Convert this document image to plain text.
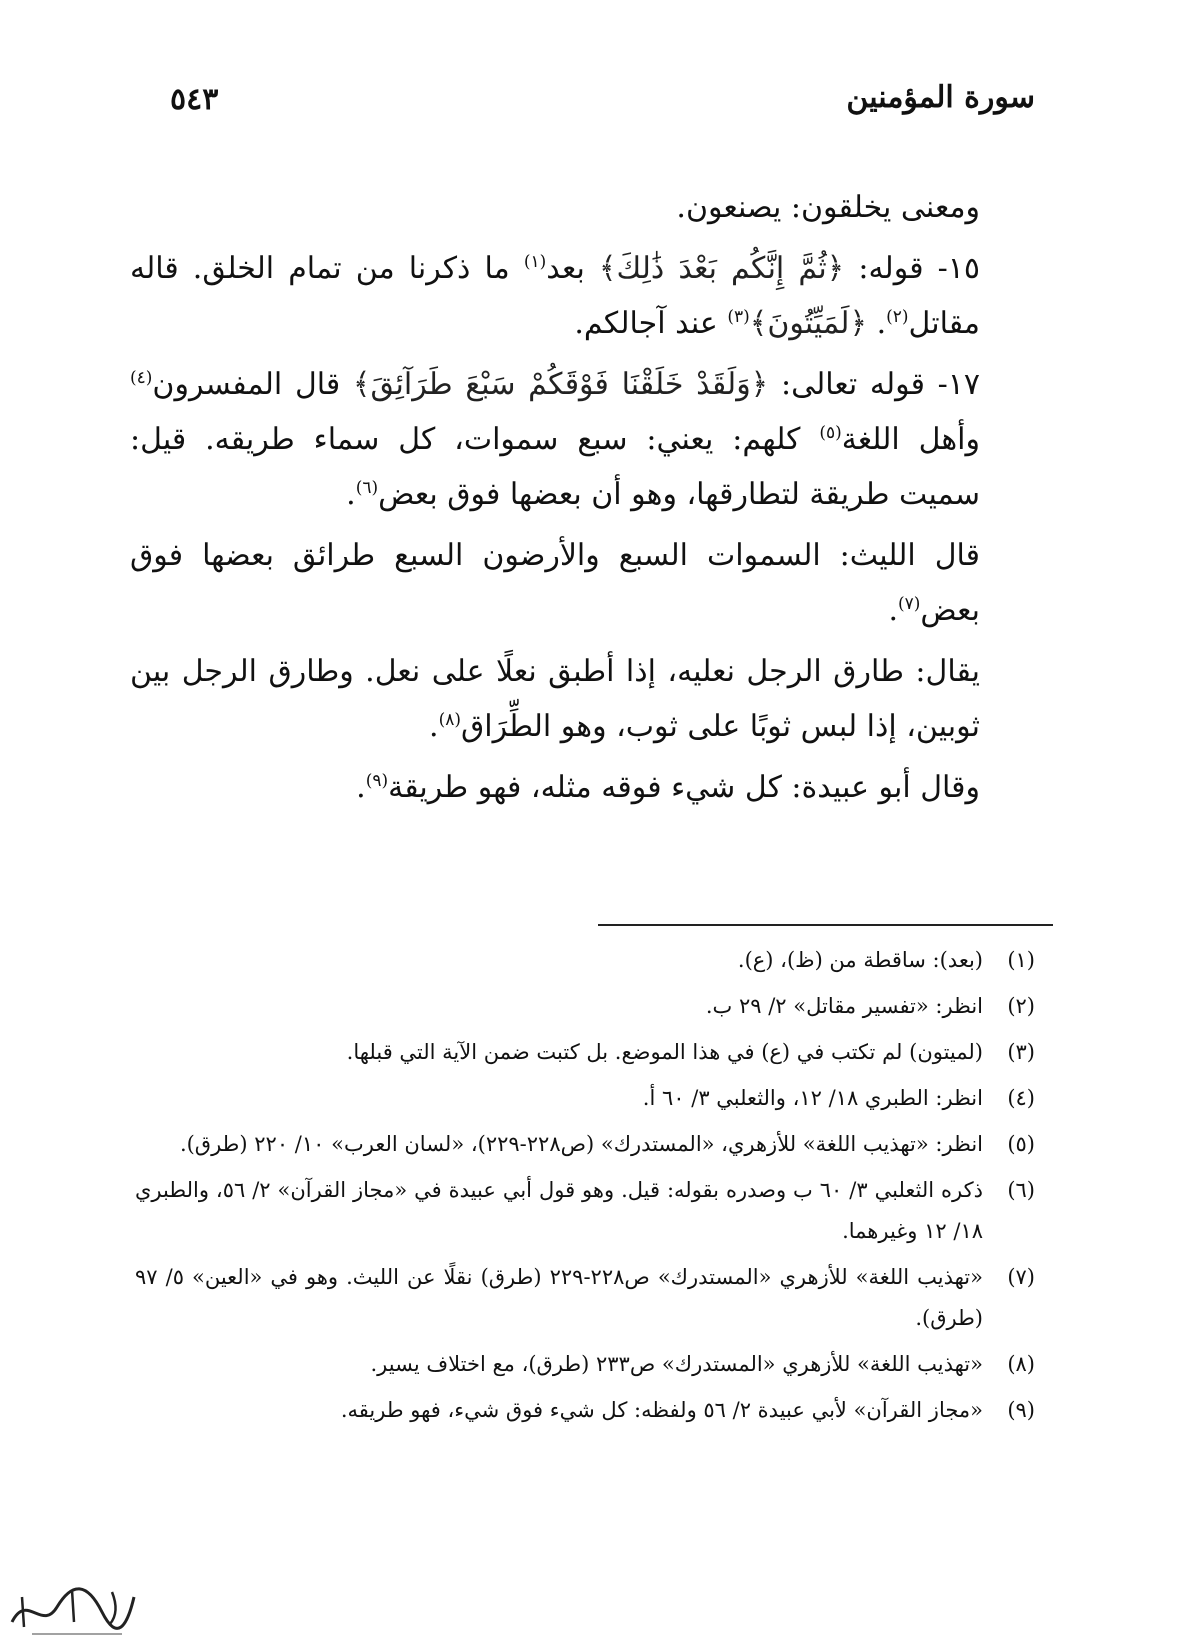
سورة المؤمنين
٥٤٣

ومعنى يخلقون: يصنعون.

١٥- قوله: ﴿ثُمَّ إِنَّكُم بَعْدَ ذَٰلِكَ﴾ بعد$^{(١)}$ ما ذكرنا من تمام الخلق. قاله مقاتل$^{(٢)}$. ﴿لَمَيِّتُونَ﴾$^{(٣)}$ عند آجالكم.

١٧- قوله تعالى: ﴿وَلَقَدْ خَلَقْنَا فَوْقَكُمْ سَبْعَ طَرَآئِقَ﴾ قال المفسرون$^{(٤)}$ وأهل اللغة$^{(٥)}$ كلهم: يعني: سبع سموات، كل سماء طريقه. قيل: سميت طريقة لتطارقها، وهو أن بعضها فوق بعض$^{(٦)}$.

قال الليث: السموات السبع والأرضون السبع طرائق بعضها فوق بعض$^{(٧)}$.

يقال: طارق الرجل نعليه، إذا أطبق نعلًا على نعل. وطارق الرجل بين ثوبين، إذا لبس ثوبًا على ثوب، وهو الطِّرَاق$^{(٨)}$.

وقال أبو عبيدة: كل شيء فوقه مثله، فهو طريقة$^{(٩)}$.

(١)
(بعد): ساقطة من (ظ)، (ع).
(٢)
انظر: «تفسير مقاتل» ٢/ ٢٩ ب.
(٣)
(لميتون) لم تكتب في (ع) في هذا الموضع. بل كتبت ضمن الآية التي قبلها.
(٤)
انظر: الطبري ١٨/ ١٢، والثعلبي ٣/ ٦٠ أ.
(٥)
انظر: «تهذيب اللغة» للأزهري، «المستدرك» (ص٢٢٨-٢٢٩)، «لسان العرب» ١٠/ ٢٢٠ (طرق).
(٦)
ذكره الثعلبي ٣/ ٦٠ ب وصدره بقوله: قيل. وهو قول أبي عبيدة في «مجاز القرآن» ٢/ ٥٦، والطبري ١٨/ ١٢ وغيرهما.
(٧)
«تهذيب اللغة» للأزهري «المستدرك» ص٢٢٨-٢٢٩ (طرق) نقلًا عن الليث. وهو في «العين» ٥/ ٩٧ (طرق).
(٨)
«تهذيب اللغة» للأزهري «المستدرك» ص٢٣٣ (طرق)، مع اختلاف يسير.
(٩)
«مجاز القرآن» لأبي عبيدة ٢/ ٥٦ ولفظه: كل شيء فوق شيء، فهو طريقه.
